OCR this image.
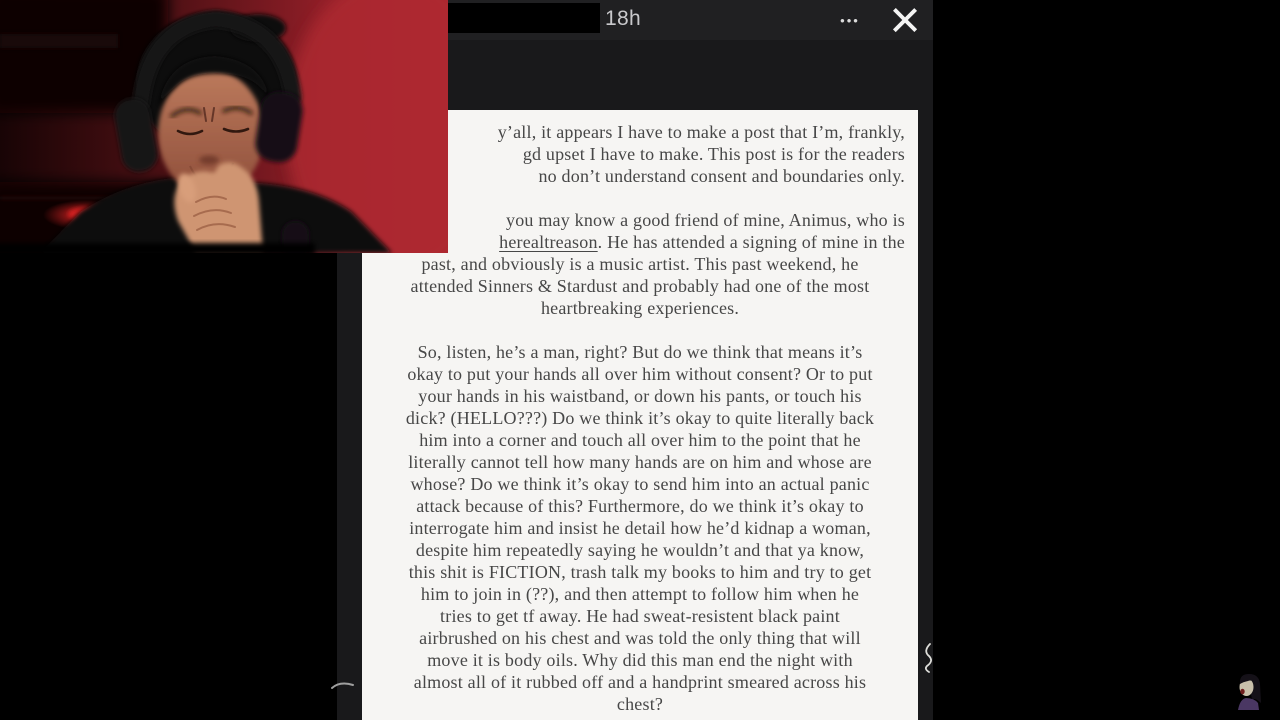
18h	••• ×
y’all, it appears I have to make a post that I’m, frankly,
gd upset I have to make. This post is for the readers
no don’t understand consent and boundaries only.
you may know a good friend of mine, Animus, who is
herealtreason. He has attended a signing of mine in the
past, and obviously is a music artist. This past weekend, he
attended Sinners & Stardust and probably had one of the most
heartbreaking experiences.
So, listen, he’s a man, right? But do we think that means it’s
okay to put your hands all over him without consent? Or to put
your hands in his waistband, or down his pants, or touch his
dick? (HELLO???) Do we think it’s okay to quite literally back
him into a corner and touch all over him to the point that he
literally cannot tell how many hands are on him and whose are
whose? Do we think it’s okay to send him into an actual panic
attack because of this? Furthermore, do we think it’s okay to
interrogate him and insist he detail how he’d kidnap a woman,
despite him repeatedly saying he wouldn’t and that ya know,
this shit is FICTION, trash talk my books to him and try to get
him to join in (??), and then attempt to follow him when he
tries to get tf away. He had sweat-resistent black paint
airbrushed on his chest and was told the only thing that will
move it is body oils. Why did this man end the night with
almost all of it rubbed off and a handprint smeared across his
chest?
